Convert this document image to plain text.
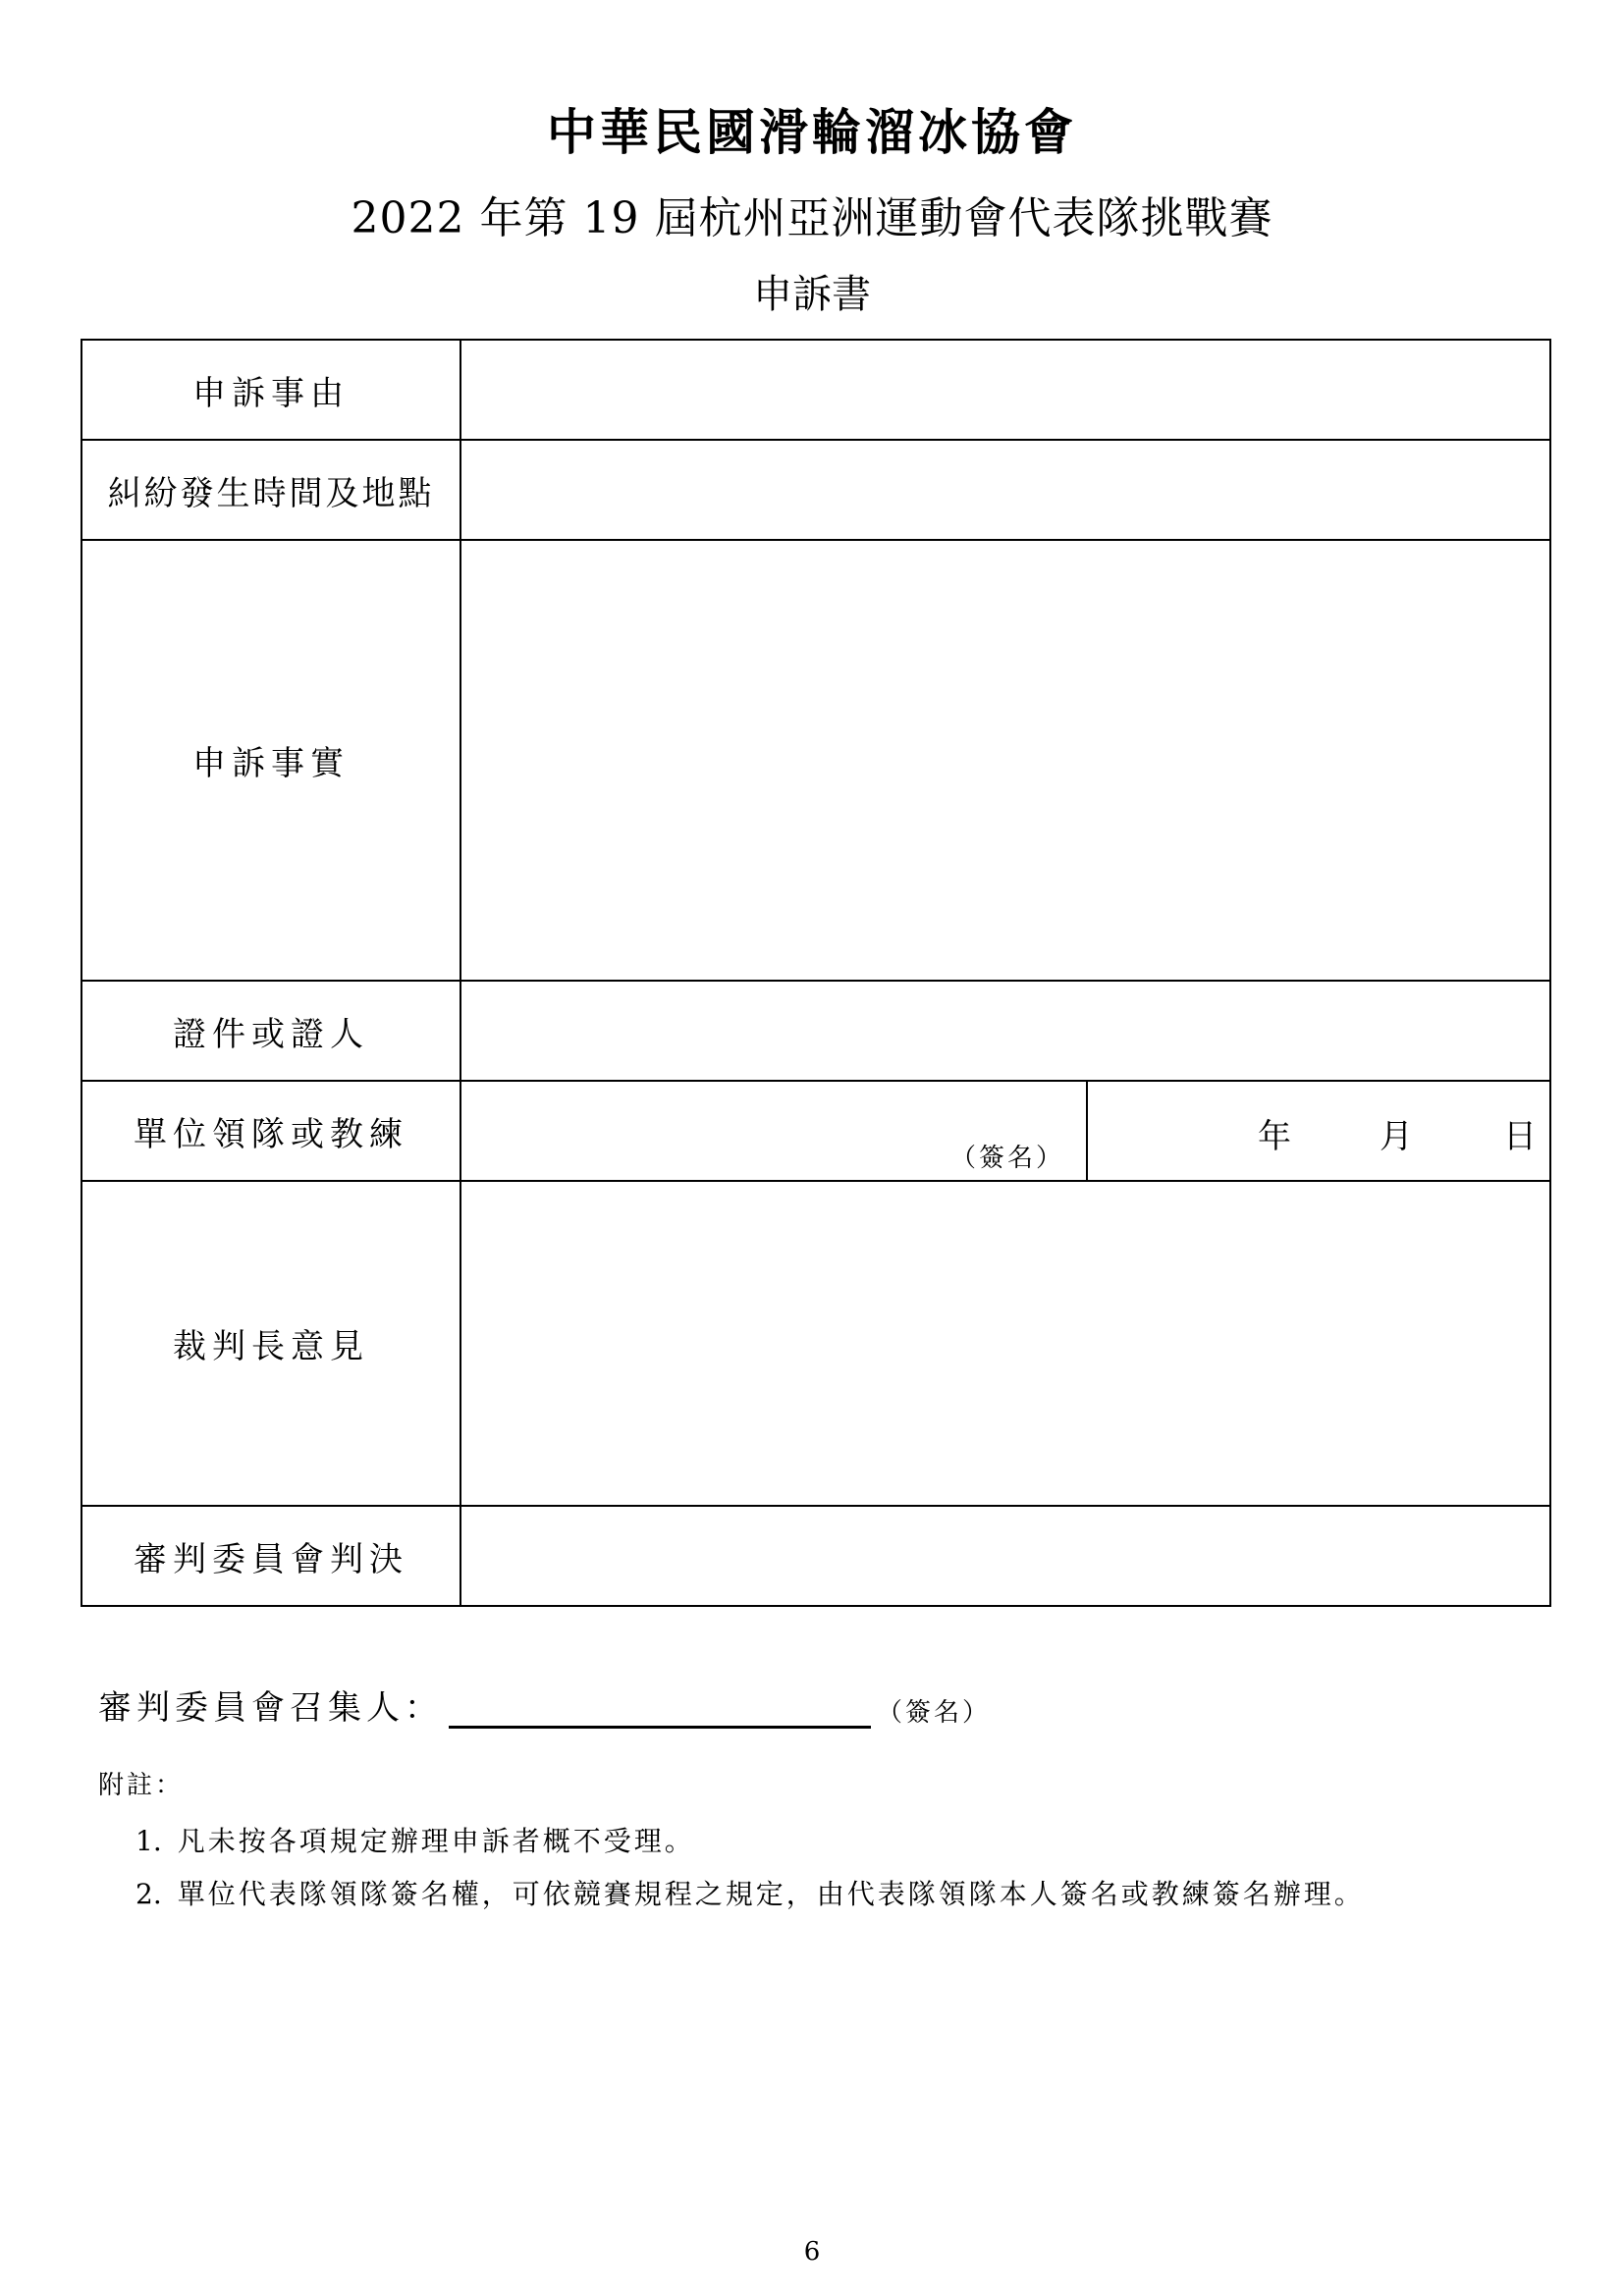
中華民國滑輪溜冰協會
2022 年第 19 屆杭州亞洲運動會代表隊挑戰賽
申訴書
申訴事由		
糾紛發生時間及地點		
申訴事實		
證件或證人		
單位領隊或教練	（簽名）	年 月 日

裁判長意見		
審判委員會判決		
審判委員會召集人：	（簽名）
附註：
1. 凡未按各項規定辦理申訴者概不受理。
2. 單位代表隊領隊簽名權，可依競賽規程之規定，由代表隊領隊本人簽名或教練簽名辦理。
6
